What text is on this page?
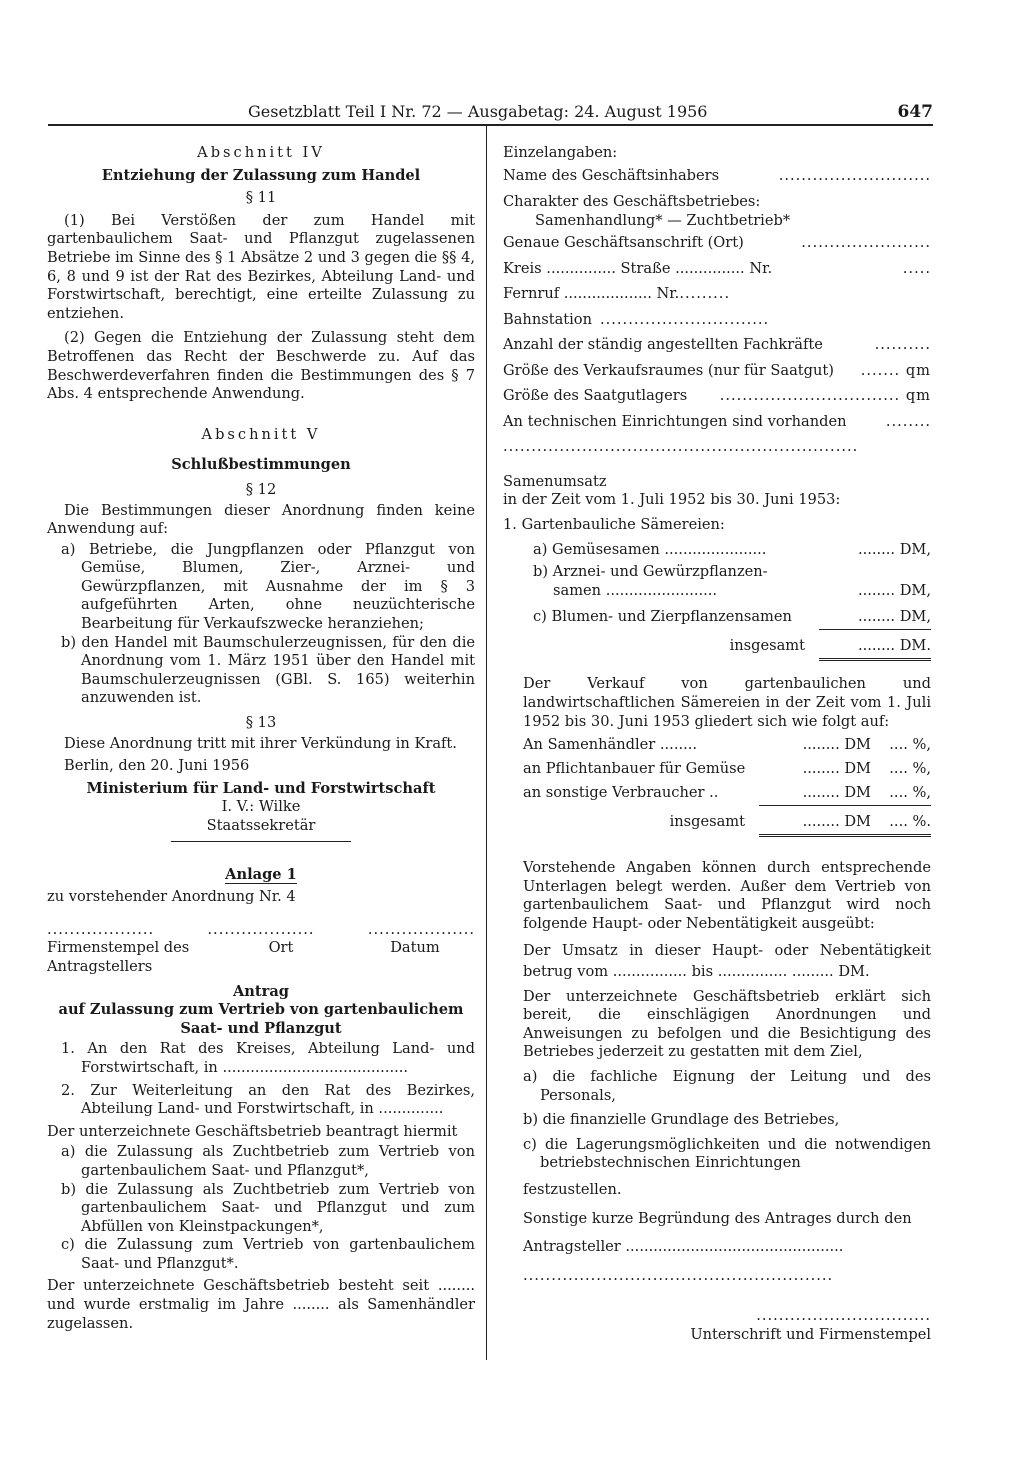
Gesetzblatt Teil I Nr. 72 — Ausgabetag: 24. August 1956	647
Abschnitt IV
Entziehung der Zulassung zum Handel
§ 11
(1) Bei Verstößen der zum Handel mit gartenbaulichem Saat- und Pflanzgut zugelassenen Betriebe im Sinne des § 1 Absätze 2 und 3 gegen die §§ 4, 6, 8 und 9 ist der Rat des Bezirkes, Abteilung Land- und Forstwirtschaft, berechtigt, eine erteilte Zulassung zu entziehen.
(2) Gegen die Entziehung der Zulassung steht dem Betroffenen das Recht der Beschwerde zu. Auf das Beschwerdeverfahren finden die Bestimmungen des § 7 Abs. 4 entsprechende Anwendung.
Abschnitt V
Schlußbestimmungen
§ 12
Die Bestimmungen dieser Anordnung finden keine Anwendung auf:
a) Betriebe, die Jungpflanzen oder Pflanzgut von Gemüse, Blumen, Zier-, Arznei- und Gewürzpflanzen, mit Ausnahme der im § 3 aufgeführten Arten, ohne neuzüchterische Bearbeitung für Verkaufszwecke heranziehen;
b) den Handel mit Baumschulerzeugnissen, für den die Anordnung vom 1. März 1951 über den Handel mit Baumschulerzeugnissen (GBl. S. 165) weiterhin anzuwenden ist.
§ 13
Diese Anordnung tritt mit ihrer Verkündung in Kraft.
Berlin, den 20. Juni 1956
Ministerium für Land- und Forstwirtschaft
I. V.: Wilke
Staatssekretär
Anlage 1
zu vorstehender Anordnung Nr. 4
...................	...................	...................
Firmenstempel des Antragstellers
Ort	Datum
Antrag
auf Zulassung zum Vertrieb von gartenbaulichem
Saat- und Pflanzgut
1. An den Rat des Kreises, Abteilung Land- und Forstwirtschaft, in ........................................
2. Zur Weiterleitung an den Rat des Bezirkes, Abteilung Land- und Forstwirtschaft, in ..............
Der unterzeichnete Geschäftsbetrieb beantragt hiermit
a) die Zulassung als Zuchtbetrieb zum Vertrieb von gartenbaulichem Saat- und Pflanzgut*,
b) die Zulassung als Zuchtbetrieb zum Vertrieb von gartenbaulichem Saat- und Pflanzgut und zum Abfüllen von Kleinstpackungen*,
c) die Zulassung zum Vertrieb von gartenbaulichem Saat- und Pflanzgut*.
Der unterzeichnete Geschäftsbetrieb besteht seit ........ und wurde erstmalig im Jahre ........ als Samenhändler zugelassen.
Einzelangaben:
Name des Geschäftsinhabers	...........................
Charakter des Geschäftsbetriebes:
Samenhandlung* — Zuchtbetrieb*
Genaue Geschäftsanschrift (Ort)	.......................
Kreis ............... Straße ............... Nr.	.....
Fernruf ................... Nr. .........
Bahnstation ..............................
Anzahl der ständig angestellten Fachkräfte	..........
Größe des Verkaufsraumes (nur für Saatgut) ....... qm
Größe des Saatgutlagers ................................ qm
An technischen Einrichtungen sind vorhanden	........
...............................................................
Samenumsatz
in der Zeit vom 1. Juli 1952 bis 30. Juni 1953:
1. Gartenbauliche Sämereien:
a) Gemüsesamen ......................	........ DM,
b) Arznei- und Gewürzpflanzen-
samen ........................	........ DM,
c) Blumen- und Zierpflanzensamen	........ DM,
insgesamt	........ DM.
Der Verkauf von gartenbaulichen und landwirtschaftlichen Sämereien in der Zeit vom 1. Juli 1952 bis 30. Juni 1953 gliedert sich wie folgt auf:
An Samenhändler ........	........ DM	.... %,
an Pflichtanbauer für Gemüse	........ DM	.... %,
an sonstige Verbraucher ..	........ DM	.... %,
insgesamt	........ DM	.... %.
Vorstehende Angaben können durch entsprechende Unterlagen belegt werden. Außer dem Vertrieb von gartenbaulichem Saat- und Pflanzgut wird noch folgende Haupt- oder Nebentätigkeit ausgeübt:
Der Umsatz in dieser Haupt- oder Nebentätigkeit betrug vom ................ bis ............... ......... DM.
Der unterzeichnete Geschäftsbetrieb erklärt sich bereit, die einschlägigen Anordnungen und Anweisungen zu befolgen und die Besichtigung des Betriebes jederzeit zu gestatten mit dem Ziel,
a) die fachliche Eignung der Leitung und des Personals,
b) die finanzielle Grundlage des Betriebes,
c) die Lagerungsmöglichkeiten und die notwendigen betriebstechnischen Einrichtungen
festzustellen.
Sonstige kurze Begründung des Antrages durch den
Antragsteller ...............................................
.......................................................
...............................
Unterschrift und Firmenstempel
